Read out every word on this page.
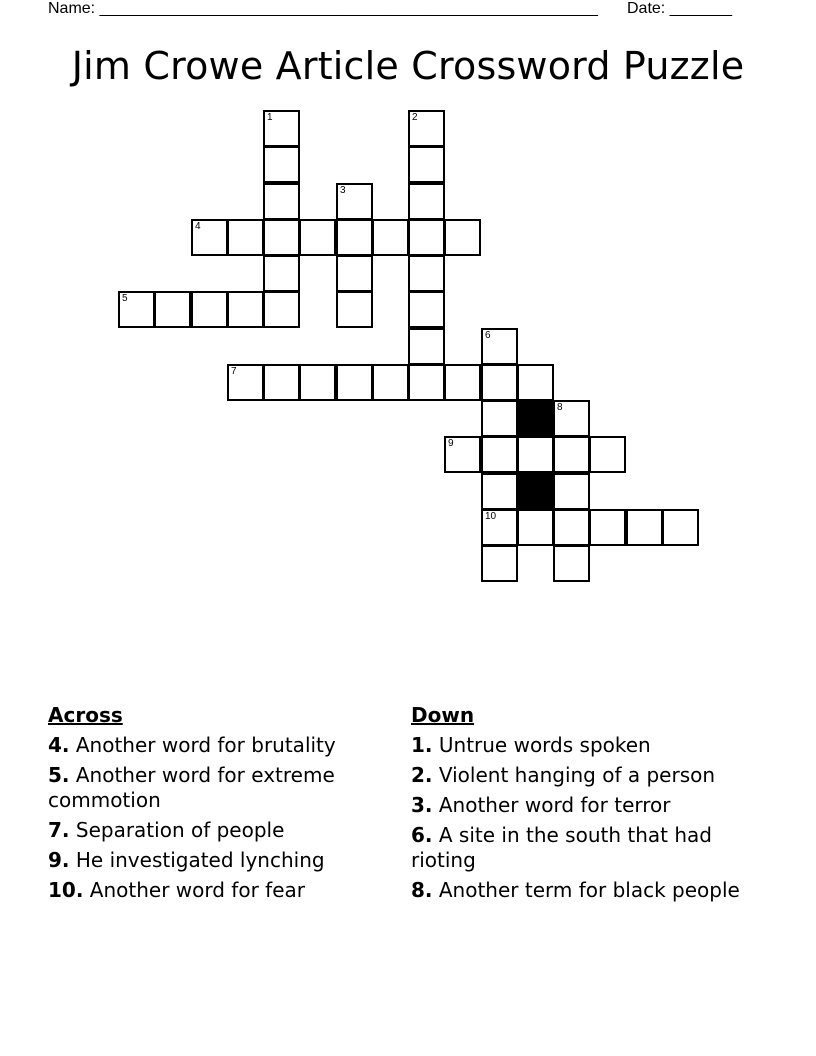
Name: ________________________________________________________ Date: _______
Jim Crowe Article Crossword Puzzle
1	2
3
4
5
6
10
7
8
9
Across
4. Another word for brutality
5. Another word for extreme commotion
7. Separation of people
9. He investigated lynching
10. Another word for fear
Down
1. Untrue words spoken
2. Violent hanging of a person
3. Another word for terror
6. A site in the south that had rioting
8. Another term for black people
